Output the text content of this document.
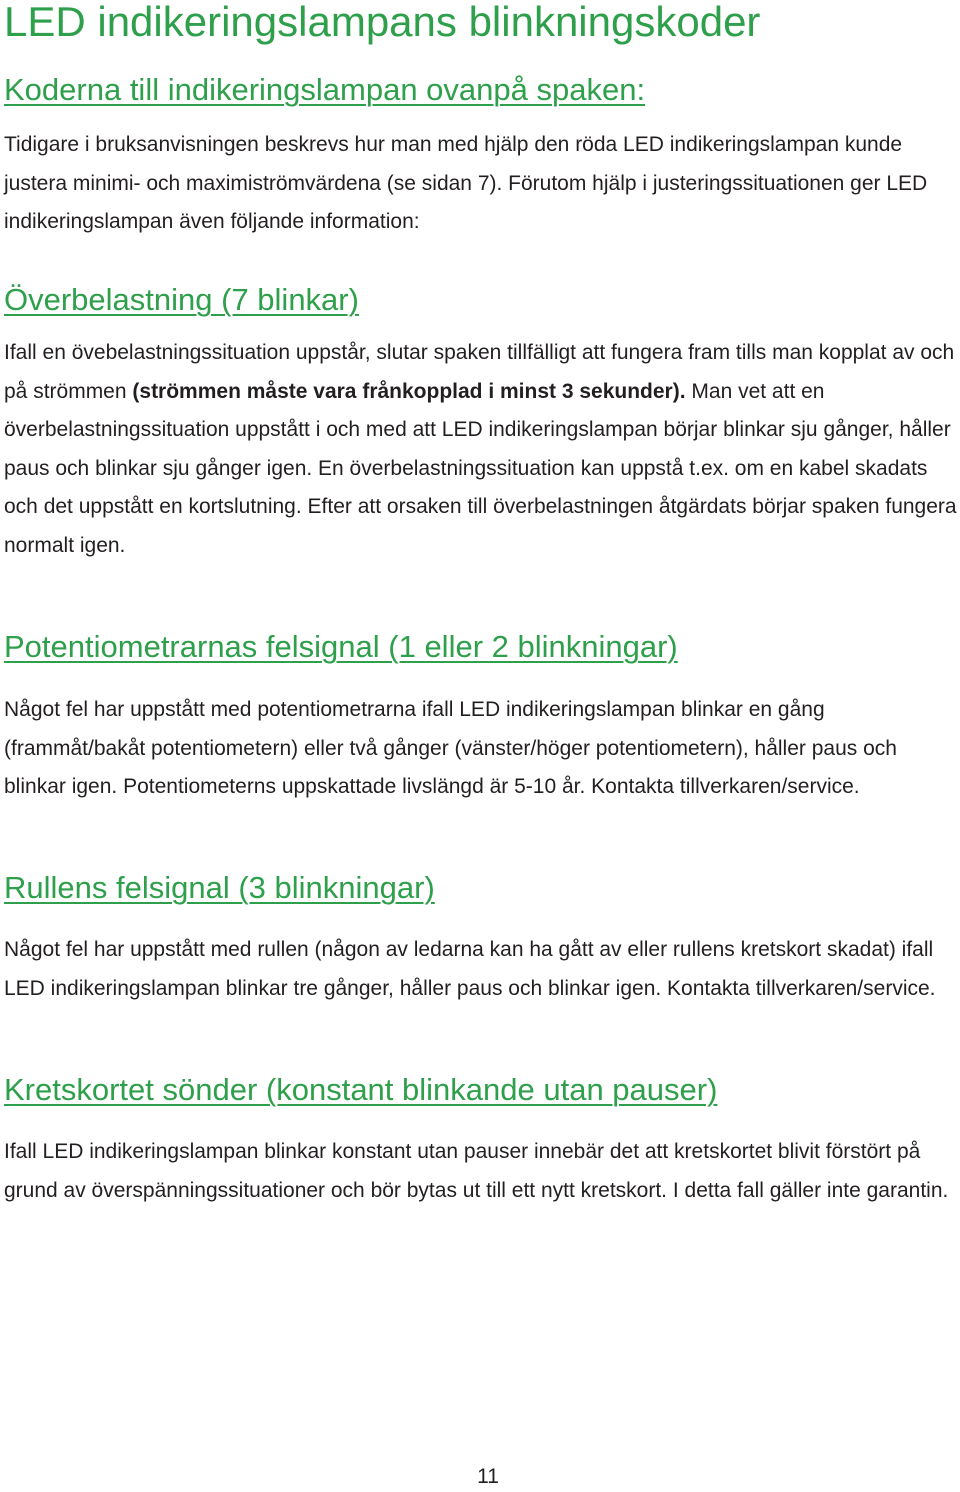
LED indikeringslampans blinkningskoder
Koderna till indikeringslampan ovanpå spaken:

Tidigare i bruksanvisningen beskrevs hur man med hjälp den röda LED indikeringslampan kunde justera minimi- och maximiströmvärdena (se sidan 7). Förutom hjälp i justeringssituationen ger LED indikeringslampan även följande information:

Överbelastning (7 blinkar)

Ifall en övebelastningssituation uppstår, slutar spaken tillfälligt att fungera fram tills man kopplat av och på strömmen (strömmen måste vara frånkopplad i minst 3 sekunder). Man vet att en överbelastningssituation uppstått i och med att LED indikeringslampan börjar blinkar sju gånger, håller paus och blinkar sju gånger igen. En överbelastningssituation kan uppstå t.ex. om en kabel skadats och det uppstått en kortslutning. Efter att orsaken till överbelastningen åtgärdats börjar spaken fungera normalt igen.

Potentiometrarnas felsignal (1 eller 2 blinkningar)

Något fel har uppstått med potentiometrarna ifall LED indikeringslampan blinkar en gång (frammåt/bakåt potentiometern) eller två gånger (vänster/höger potentiometern), håller paus och blinkar igen. Potentiometerns uppskattade livslängd är 5-10 år. Kontakta tillverkaren/service.

Rullens felsignal (3 blinkningar)

Något fel har uppstått med rullen (någon av ledarna kan ha gått av eller rullens kretskort skadat) ifall LED indikeringslampan blinkar tre gånger, håller paus och blinkar igen. Kontakta tillverkaren/service.

Kretskortet sönder (konstant blinkande utan pauser)

Ifall LED indikeringslampan blinkar konstant utan pauser innebär det att kretskortet blivit förstört på grund av överspänningssituationer och bör bytas ut till ett nytt kretskort. I detta fall gäller inte garantin.

11
